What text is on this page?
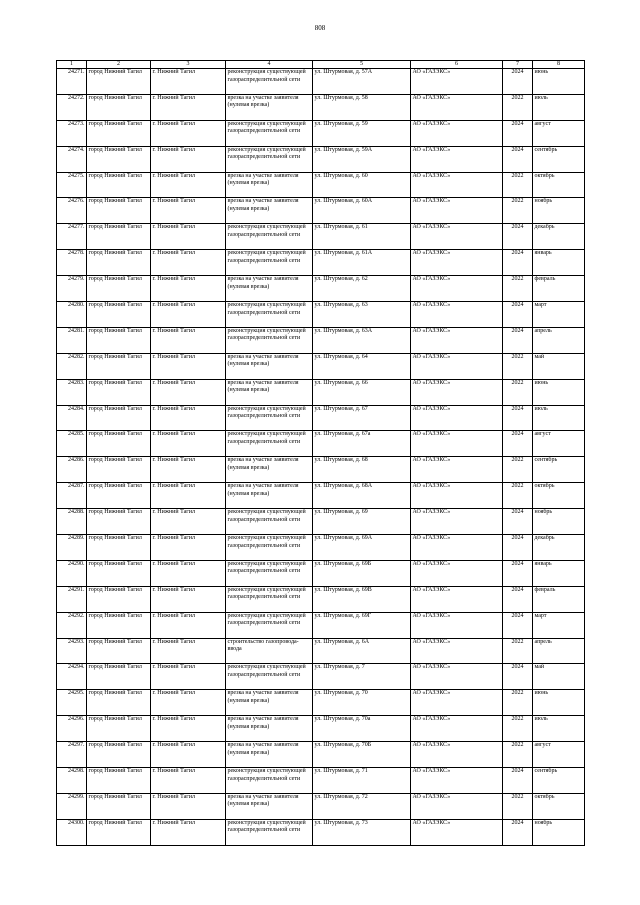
808
1	2	3	4	5	6	7	8
24271.	город Нижний Тагил	г. Нижний Тагил	реконструкция существующей газораспределительной сети	ул. Штурмовая, д. 57А	АО «ГАЗЭКС»	2024	июнь
24272.	город Нижний Тагил	г. Нижний Тагил	врезка на участке заявителя (нулевая врезка)	ул. Штурмовая, д. 58	АО «ГАЗЭКС»	2022	июль
24273.	город Нижний Тагил	г. Нижний Тагил	реконструкция существующей газораспределительной сети	ул. Штурмовая, д. 59	АО «ГАЗЭКС»	2024	август
24274.	город Нижний Тагил	г. Нижний Тагил	реконструкция существующей газораспределительной сети	ул. Штурмовая, д. 59А	АО «ГАЗЭКС»	2024	сентябрь
24275.	город Нижний Тагил	г. Нижний Тагил	врезка на участке заявителя (нулевая врезка)	ул. Штурмовая, д. 60	АО «ГАЗЭКС»	2022	октябрь
24276.	город Нижний Тагил	г. Нижний Тагил	врезка на участке заявителя (нулевая врезка)	ул. Штурмовая, д. 60А	АО «ГАЗЭКС»	2022	ноябрь
24277.	город Нижний Тагил	г. Нижний Тагил	реконструкция существующей газораспределительной сети	ул. Штурмовая, д. 61	АО «ГАЗЭКС»	2024	декабрь
24278.	город Нижний Тагил	г. Нижний Тагил	реконструкция существующей газораспределительной сети	ул. Штурмовая, д. 61А	АО «ГАЗЭКС»	2024	январь
24279.	город Нижний Тагил	г. Нижний Тагил	врезка на участке заявителя (нулевая врезка)	ул. Штурмовая, д. 62	АО «ГАЗЭКС»	2022	февраль
24280.	город Нижний Тагил	г. Нижний Тагил	реконструкция существующей газораспределительной сети	ул. Штурмовая, д. 63	АО «ГАЗЭКС»	2024	март
24281.	город Нижний Тагил	г. Нижний Тагил	реконструкция существующей газораспределительной сети	ул. Штурмовая, д. 63А	АО «ГАЗЭКС»	2024	апрель
24282.	город Нижний Тагил	г. Нижний Тагил	врезка на участке заявителя (нулевая врезка)	ул. Штурмовая, д. 64	АО «ГАЗЭКС»	2022	май
24283.	город Нижний Тагил	г. Нижний Тагил	врезка на участке заявителя (нулевая врезка)	ул. Штурмовая, д. 66	АО «ГАЗЭКС»	2022	июнь
24284.	город Нижний Тагил	г. Нижний Тагил	реконструкция существующей газораспределительной сети	ул. Штурмовая, д. 67	АО «ГАЗЭКС»	2024	июль
24285.	город Нижний Тагил	г. Нижний Тагил	реконструкция существующей газораспределительной сети	ул. Штурмовая, д. 67а	АО «ГАЗЭКС»	2024	август
24286.	город Нижний Тагил	г. Нижний Тагил	врезка на участке заявителя (нулевая врезка)	ул. Штурмовая, д. 68	АО «ГАЗЭКС»	2022	сентябрь
24287.	город Нижний Тагил	г. Нижний Тагил	врезка на участке заявителя (нулевая врезка)	ул. Штурмовая, д. 68А	АО «ГАЗЭКС»	2022	октябрь
24288.	город Нижний Тагил	г. Нижний Тагил	реконструкция существующей газораспределительной сети	ул. Штурмовая, д. 69	АО «ГАЗЭКС»	2024	ноябрь
24289.	город Нижний Тагил	г. Нижний Тагил	реконструкция существующей газораспределительной сети	ул. Штурмовая, д. 69А	АО «ГАЗЭКС»	2024	декабрь
24290.	город Нижний Тагил	г. Нижний Тагил	реконструкция существующей газораспределительной сети	ул. Штурмовая, д. 69Б	АО «ГАЗЭКС»	2024	январь
24291.	город Нижний Тагил	г. Нижний Тагил	реконструкция существующей газораспределительной сети	ул. Штурмовая, д. 69В	АО «ГАЗЭКС»	2024	февраль
24292.	город Нижний Тагил	г. Нижний Тагил	реконструкция существующей газораспределительной сети	ул. Штурмовая, д. 69Г	АО «ГАЗЭКС»	2024	март
24293.	город Нижний Тагил	г. Нижний Тагил	строительство газопровода-ввода	ул. Штурмовая, д. 6А	АО «ГАЗЭКС»	2022	апрель
24294.	город Нижний Тагил	г. Нижний Тагил	реконструкция существующей газораспределительной сети	ул. Штурмовая, д. 7	АО «ГАЗЭКС»	2024	май
24295.	город Нижний Тагил	г. Нижний Тагил	врезка на участке заявителя (нулевая врезка)	ул. Штурмовая, д. 70	АО «ГАЗЭКС»	2022	июнь
24296.	город Нижний Тагил	г. Нижний Тагил	врезка на участке заявителя (нулевая врезка)	ул. Штурмовая, д. 70а	АО «ГАЗЭКС»	2022	июль
24297.	город Нижний Тагил	г. Нижний Тагил	врезка на участке заявителя (нулевая врезка)	ул. Штурмовая, д. 70Б	АО «ГАЗЭКС»	2022	август
24298.	город Нижний Тагил	г. Нижний Тагил	реконструкция существующей газораспределительной сети	ул. Штурмовая, д. 71	АО «ГАЗЭКС»	2024	сентябрь
24299.	город Нижний Тагил	г. Нижний Тагил	врезка на участке заявителя (нулевая врезка)	ул. Штурмовая, д. 72	АО «ГАЗЭКС»	2022	октябрь
24300.	город Нижний Тагил	г. Нижний Тагил	реконструкция существующей газораспределительной сети	ул. Штурмовая, д. 73	АО «ГАЗЭКС»	2024	ноябрь
